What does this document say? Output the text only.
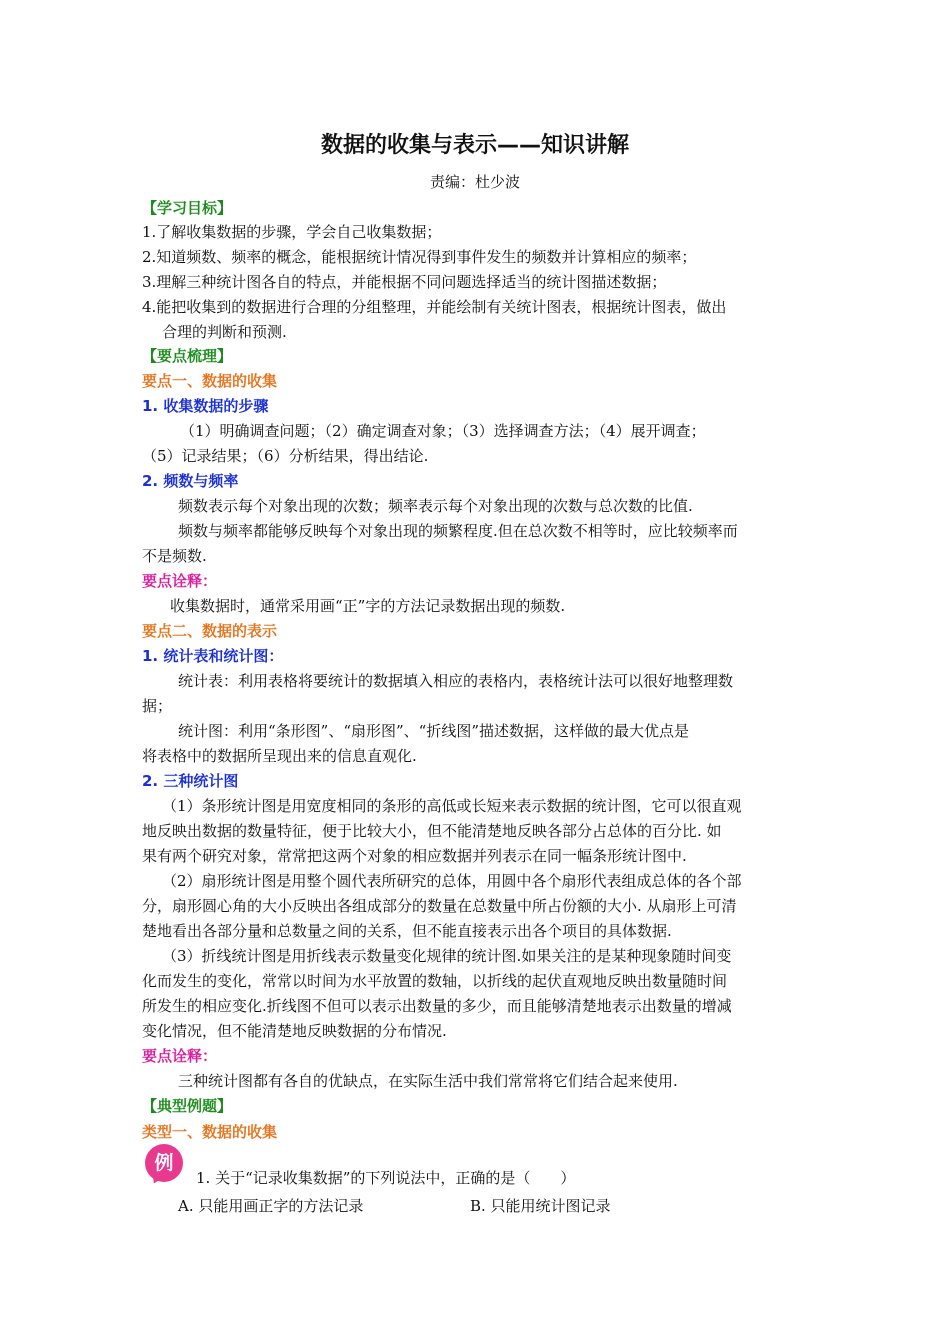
数据的收集与表示——知识讲解
责编：杜少波
【学习目标】
1.了解收集数据的步骤，学会自己收集数据；
2.知道频数、频率的概念，能根据统计情况得到事件发生的频数并计算相应的频率；
3.理解三种统计图各自的特点，并能根据不同问题选择适当的统计图描述数据；
4.能把收集到的数据进行合理的分组整理，并能绘制有关统计图表，根据统计图表，做出
合理的判断和预测.
【要点梳理】
要点一、数据的收集
1. 收集数据的步骤
（1）明确调查问题；（2）确定调查对象；（3）选择调查方法；（4）展开调查；
（5）记录结果；（6）分析结果，得出结论.
2. 频数与频率
频数表示每个对象出现的次数；频率表示每个对象出现的次数与总次数的比值.
频数与频率都能够反映每个对象出现的频繁程度.但在总次数不相等时，应比较频率而
不是频数.
要点诠释：
收集数据时，通常采用画“正”字的方法记录数据出现的频数.
要点二、数据的表示
1. 统计表和统计图：
统计表：利用表格将要统计的数据填入相应的表格内，表格统计法可以很好地整理数
据；
统计图：利用“条形图”、“扇形图”、“折线图”描述数据，这样做的最大优点是
将表格中的数据所呈现出来的信息直观化.
2. 三种统计图
（1）条形统计图是用宽度相同的条形的高低或长短来表示数据的统计图，它可以很直观
地反映出数据的数量特征，便于比较大小，但不能清楚地反映各部分占总体的百分比. 如
果有两个研究对象，常常把这两个对象的相应数据并列表示在同一幅条形统计图中.
（2）扇形统计图是用整个圆代表所研究的总体，用圆中各个扇形代表组成总体的各个部
分，扇形圆心角的大小反映出各组成部分的数量在总数量中所占份额的大小. 从扇形上可清
楚地看出各部分量和总数量之间的关系，但不能直接表示出各个项目的具体数据.
（3）折线统计图是用折线表示数量变化规律的统计图.如果关注的是某种现象随时间变
化而发生的变化，常常以时间为水平放置的数轴，以折线的起伏直观地反映出数量随时间
所发生的相应变化.折线图不但可以表示出数量的多少，而且能够清楚地表示出数量的增减
变化情况，但不能清楚地反映数据的分布情况.
要点诠释：
三种统计图都有各自的优缺点，在实际生活中我们常常将它们结合起来使用.
【典型例题】
类型一、数据的收集
例
1. 关于“记录收集数据”的下列说法中，正确的是（　　）
A. 只能用画正字的方法记录	B. 只能用统计图记录
